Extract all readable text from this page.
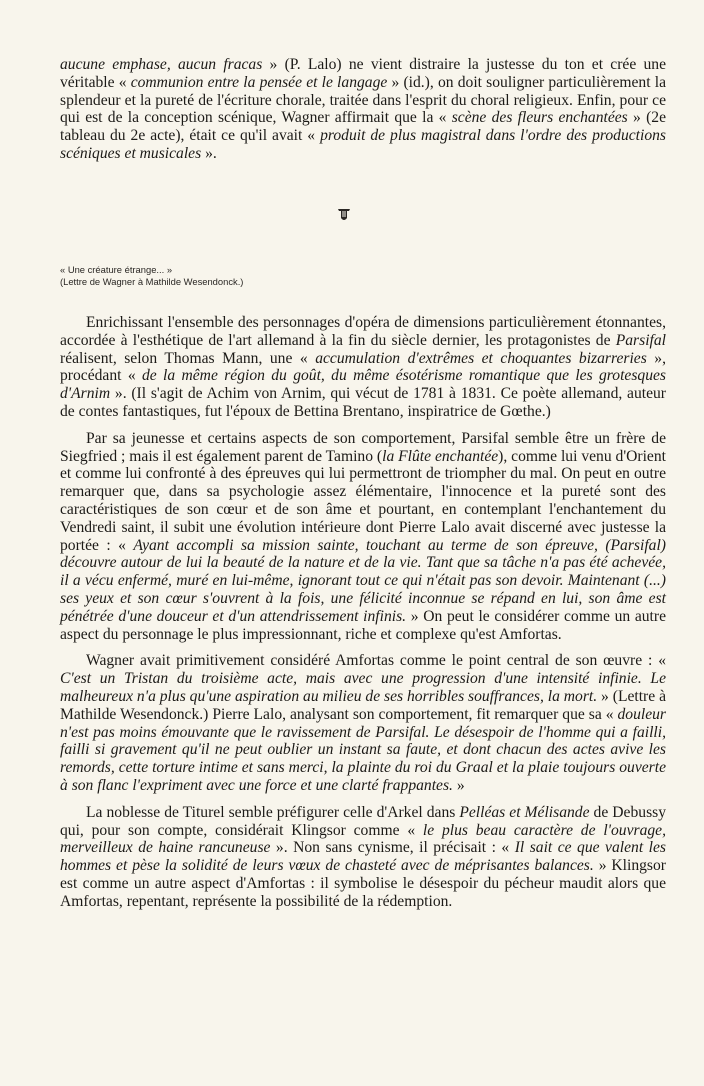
aucune emphase, aucun fracas » (P. Lalo) ne vient distraire la justesse du ton et crée une véritable « communion entre la pensée et le langage » (id.), on doit souligner particulièrement la splendeur et la pureté de l'écriture chorale, traitée dans l'esprit du choral religieux. Enfin, pour ce qui est de la conception scénique, Wagner affirmait que la « scène des fleurs enchantées » (2e tableau du 2e acte), était ce qu'il avait « produit de plus magistral dans l'ordre des productions scéniques et musicales ».

« Une créature étrange... »
(Lettre de Wagner à Mathilde Wesendonck.)

Enrichissant l'ensemble des personnages d'opéra de dimensions particulièrement étonnantes, accordée à l'esthétique de l'art allemand à la fin du siècle dernier, les protagonistes de Parsifal réalisent, selon Thomas Mann, une « accumulation d'extrêmes et choquantes bizarreries », procédant « de la même région du goût, du même ésotérisme romantique que les grotesques d'Arnim ». (Il s'agit de Achim von Arnim, qui vécut de 1781 à 1831. Ce poète allemand, auteur de contes fantastiques, fut l'époux de Bettina Brentano, inspiratrice de Gœthe.)

Par sa jeunesse et certains aspects de son comportement, Parsifal semble être un frère de Siegfried ; mais il est également parent de Tamino (la Flûte enchantée), comme lui venu d'Orient et comme lui confronté à des épreuves qui lui permettront de triompher du mal. On peut en outre remarquer que, dans sa psychologie assez élémentaire, l'innocence et la pureté sont des caractéristiques de son cœur et de son âme et pourtant, en contemplant l'enchantement du Vendredi saint, il subit une évolution intérieure dont Pierre Lalo avait discerné avec justesse la portée : « Ayant accompli sa mission sainte, touchant au terme de son épreuve, (Parsifal) découvre autour de lui la beauté de la nature et de la vie. Tant que sa tâche n'a pas été achevée, il a vécu enfermé, muré en lui-même, ignorant tout ce qui n'était pas son devoir. Maintenant (...) ses yeux et son cœur s'ouvrent à la fois, une félicité inconnue se répand en lui, son âme est pénétrée d'une douceur et d'un attendrissement infinis. » On peut le considérer comme un autre aspect du personnage le plus impressionnant, riche et complexe qu'est Amfortas.

Wagner avait primitivement considéré Amfortas comme le point central de son œuvre : « C'est un Tristan du troisième acte, mais avec une progression d'une intensité infinie. Le malheureux n'a plus qu'une aspiration au milieu de ses horribles souffrances, la mort. » (Lettre à Mathilde Wesendonck.) Pierre Lalo, analysant son comportement, fit remarquer que sa « douleur n'est pas moins émouvante que le ravissement de Parsifal. Le désespoir de l'homme qui a failli, failli si gravement qu'il ne peut oublier un instant sa faute, et dont chacun des actes avive les remords, cette torture intime et sans merci, la plainte du roi du Graal et la plaie toujours ouverte à son flanc l'expriment avec une force et une clarté frappantes. »

La noblesse de Titurel semble préfigurer celle d'Arkel dans Pelléas et Mélisande de Debussy qui, pour son compte, considérait Klingsor comme « le plus beau caractère de l'ouvrage, merveilleux de haine rancuneuse ». Non sans cynisme, il précisait : « Il sait ce que valent les hommes et pèse la solidité de leurs vœux de chasteté avec de méprisantes balances. » Klingsor est comme un autre aspect d'Amfortas : il symbolise le désespoir du pécheur maudit alors que Amfortas, repentant, représente la possibilité de la rédemption.
